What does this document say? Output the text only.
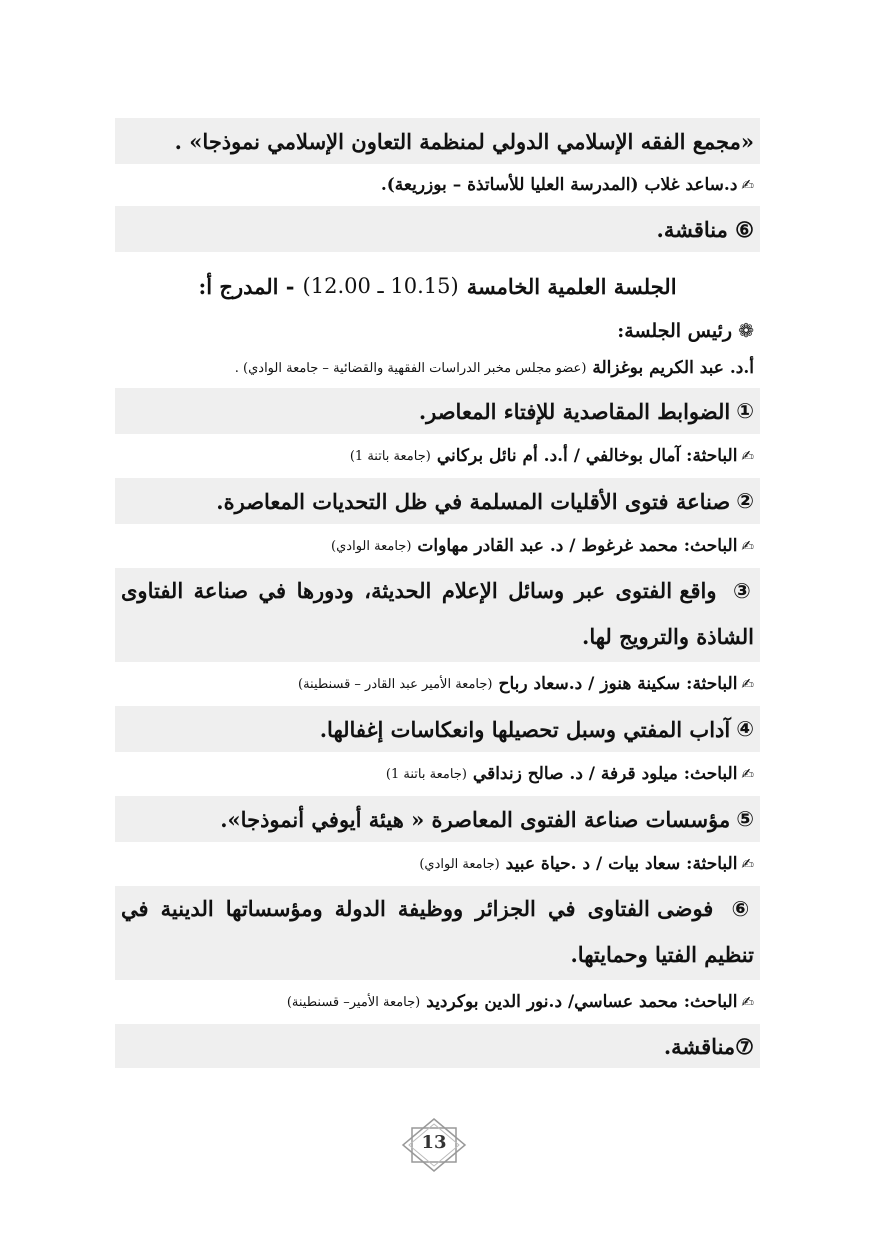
«مجمع الفقه الإسلامي الدولي لمنظمة التعاون الإسلامي نموذجا» .
✍
د.ساعد غلاب (المدرسة العليا للأساتذة – بوزريعة).
⑥ مناقشة.
الجلسة العلمية الخامسة
(10.15 ـ 12.00)
- المدرج أ:
❁
رئيس الجلسة:
أ.د. عبد الكريم بوغزالة
(عضو مجلس مخبر الدراسات الفقهية والقضائية – جامعة الوادي) .
①
الضوابط المقاصدية للإفتاء المعاصر.
✍
الباحثة: آمال بوخالفي / أ.د. أم نائل بركاني
(جامعة باتنة 1)
②
صناعة فتوى الأقليات المسلمة في ظل التحديات المعاصرة.
✍
الباحث: محمد غرغوط / د. عبد القادر مهاوات
(جامعة الوادي)
③ واقع الفتوى عبر وسائل الإعلام الحديثة، ودورها في صناعة الفتاوى الشاذة والترويج لها.
✍
الباحثة: سكينة هنوز / د.سعاد رباح
(جامعة الأمير عبد القادر – قسنطينة)
④
آداب المفتي وسبل تحصيلها وانعكاسات إغفالها.
✍
الباحث: ميلود قرفة / د. صالح زنداقي
(جامعة باتنة 1)
⑤
مؤسسات صناعة الفتوى المعاصرة « هيئة أيوفي أنموذجا».
✍
الباحثة: سعاد بيات / د .حياة عبيد
(جامعة الوادي)
⑥ فوضى الفتاوى في الجزائر ووظيفة الدولة ومؤسساتها الدينية في تنظيم الفتيا وحمايتها.
✍
الباحث: محمد عساسي/ د.نور الدين بوكرديد
(جامعة الأمير– قسنطينة)
⑦مناقشة.
13
